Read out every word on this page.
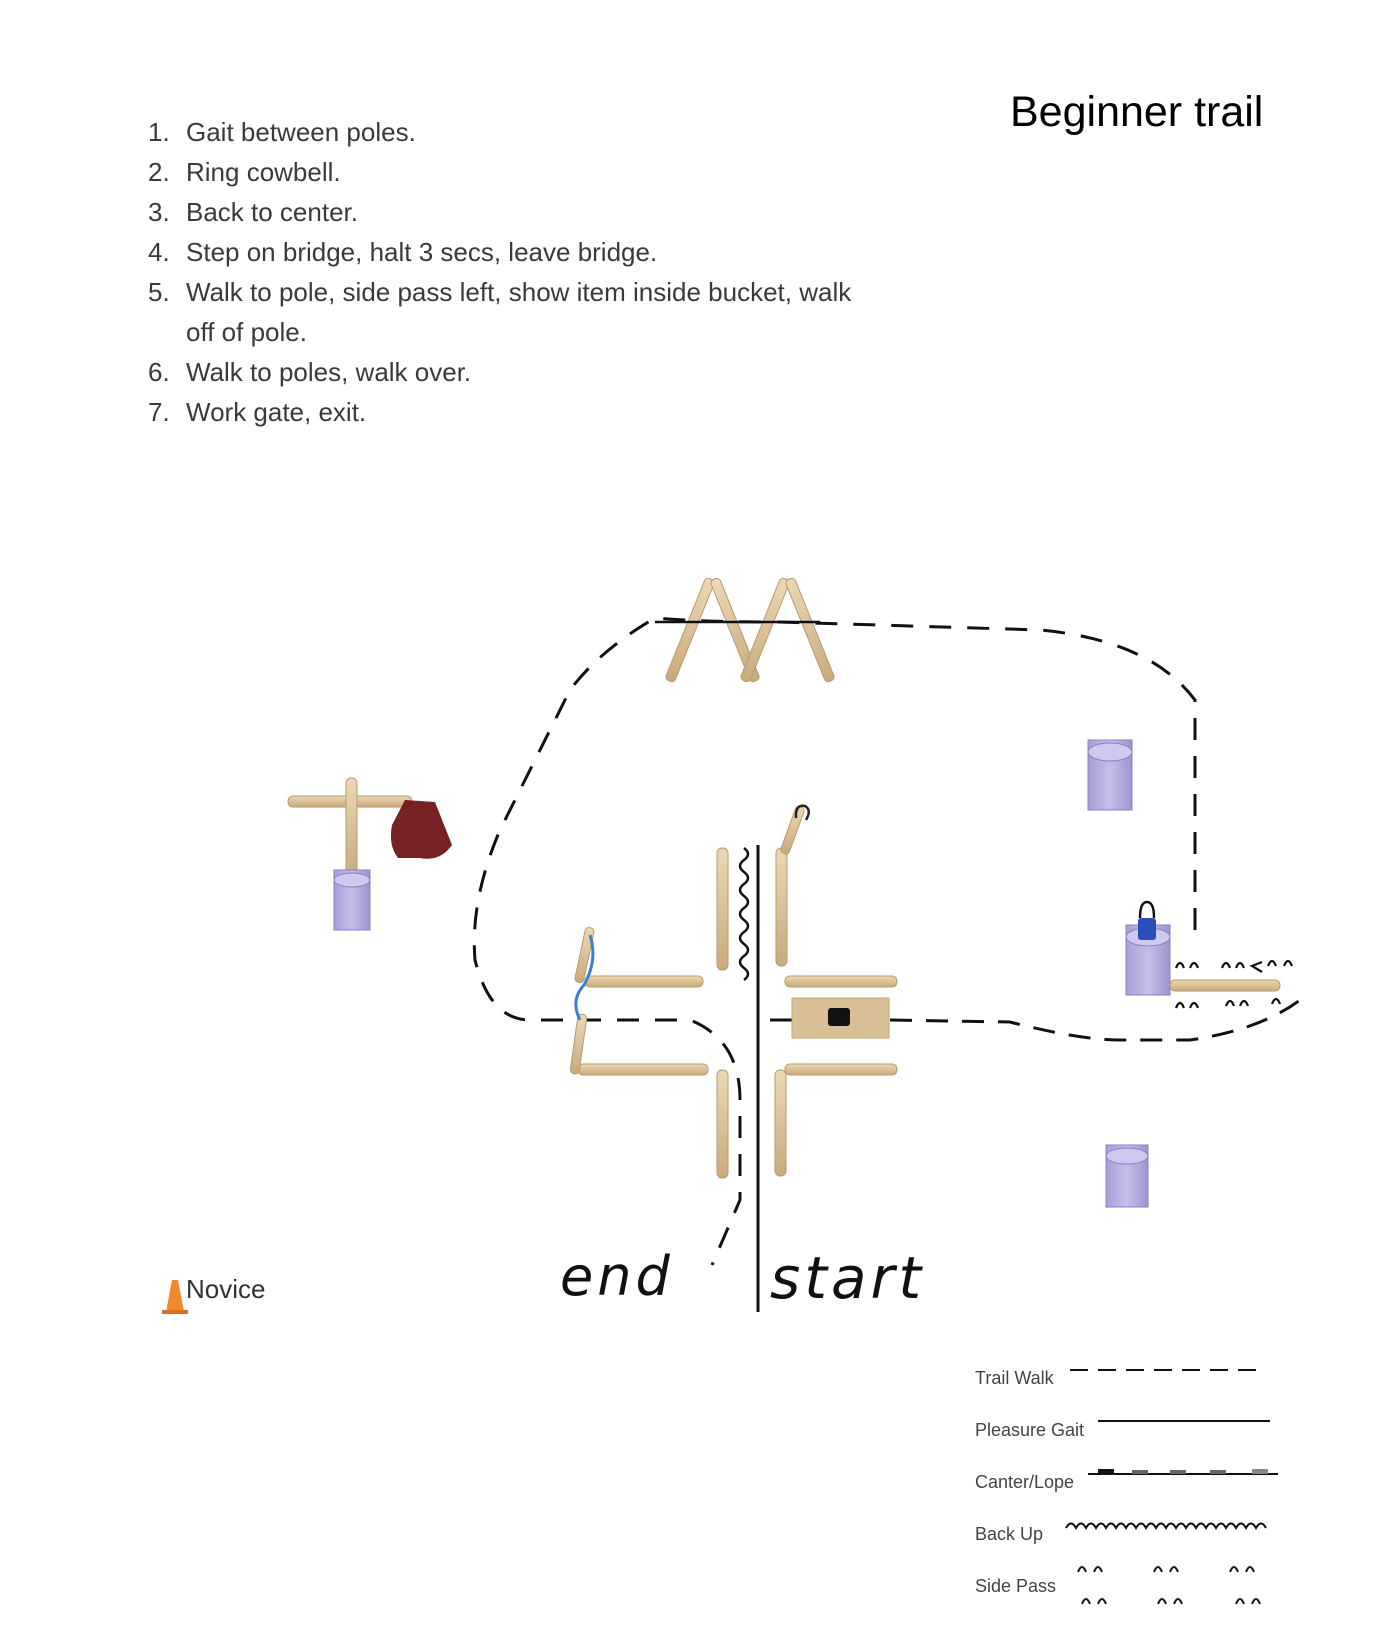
Beginner trail
1. Gait between poles.
2. Ring cowbell.
3. Back to center.
4. Step on bridge, halt 3 secs, leave bridge.
5. Walk to pole, side pass left, show item inside bucket, walk off of pole.
6. Walk to poles, walk over.
7. Work gate, exit.
end start
Novice
Trail Walk
Pleasure Gait
Canter/Lope
Back Up
Side Pass
